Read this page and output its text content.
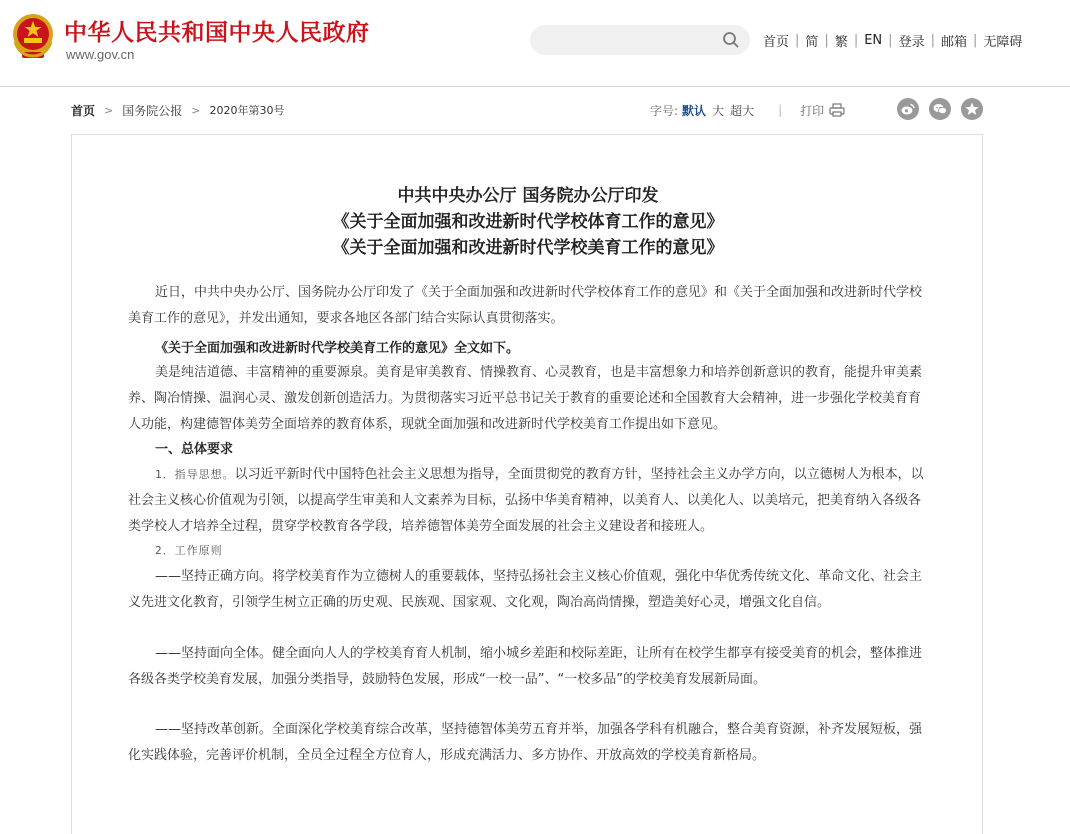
中华人民共和国中央人民政府
www.gov.cn
首页 | 简 | 繁 | EN | 登录 | 邮箱 | 无障碍
首页 > 国务院公报 > 2020年第30号	字号: 默认 大 超大 | 打印
中共中央办公厅 国务院办公厅印发
《关于全面加强和改进新时代学校体育工作的意见》
《关于全面加强和改进新时代学校美育工作的意见》

近日，中共中央办公厅、国务院办公厅印发了《关于全面加强和改进新时代学校体育工作的意见》和《关于全面加强和改进新时代学校美育工作的意见》，并发出通知，要求各地区各部门结合实际认真贯彻落实。

《关于全面加强和改进新时代学校美育工作的意见》全文如下。

美是纯洁道德、丰富精神的重要源泉。美育是审美教育、情操教育、心灵教育，也是丰富想象力和培养创新意识的教育，能提升审美素养、陶冶情操、温润心灵、激发创新创造活力。为贯彻落实习近平总书记关于教育的重要论述和全国教育大会精神，进一步强化学校美育育人功能，构建德智体美劳全面培养的教育体系，现就全面加强和改进新时代学校美育工作提出如下意见。

一、总体要求

1．指导思想。以习近平新时代中国特色社会主义思想为指导，全面贯彻党的教育方针，坚持社会主义办学方向，以立德树人为根本，以社会主义核心价值观为引领，以提高学生审美和人文素养为目标，弘扬中华美育精神，以美育人、以美化人、以美培元，把美育纳入各级各类学校人才培养全过程，贯穿学校教育各学段，培养德智体美劳全面发展的社会主义建设者和接班人。

2．工作原则

——坚持正确方向。将学校美育作为立德树人的重要载体，坚持弘扬社会主义核心价值观，强化中华优秀传统文化、革命文化、社会主义先进文化教育，引领学生树立正确的历史观、民族观、国家观、文化观，陶冶高尚情操，塑造美好心灵，增强文化自信。

——坚持面向全体。健全面向人人的学校美育育人机制，缩小城乡差距和校际差距，让所有在校学生都享有接受美育的机会，整体推进各级各类学校美育发展，加强分类指导，鼓励特色发展，形成“一校一品”、“一校多品”的学校美育发展新局面。

——坚持改革创新。全面深化学校美育综合改革，坚持德智体美劳五育并举，加强各学科有机融合，整合美育资源，补齐发展短板，强化实践体验，完善评价机制，全员全过程全方位育人，形成充满活力、多方协作、开放高效的学校美育新格局。
